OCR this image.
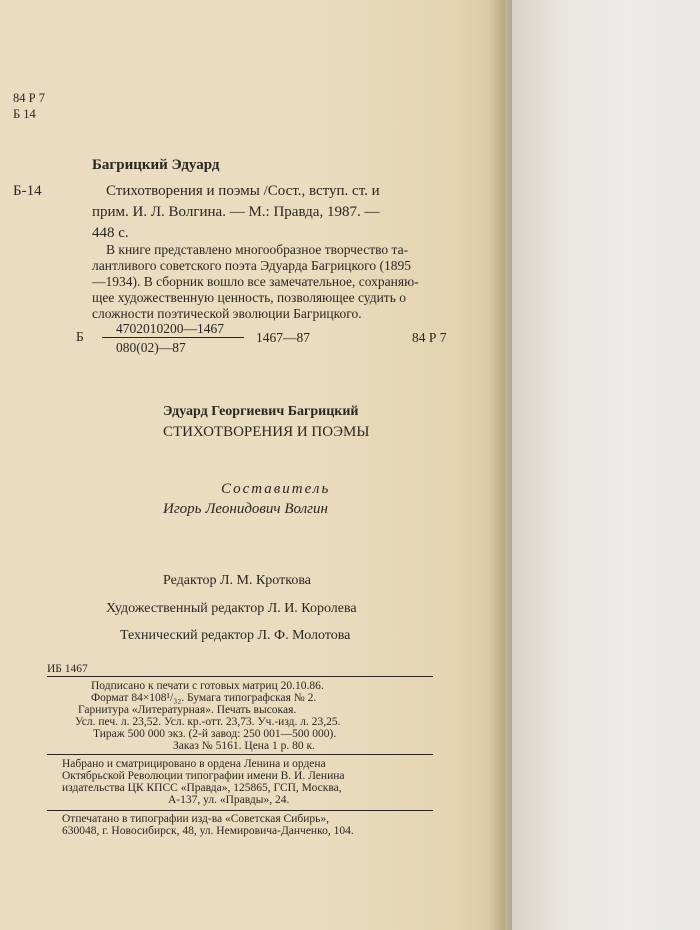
84 Р 7
Б 14
Багрицкий Эдуард
Б-14	Стихотворения и поэмы /Сост., вступ. ст. и
прим. И. Л. Волгина. — М.: Правда, 1987. —
448 с.
В книге представлено многообразное творчество та-
лантливого советского поэта Эдуарда Багрицкого (1895
—1934). В сборник вошло все замечательное, сохраняю-
щее художественную ценность, позволяющее судить о
сложности поэтической эволюции Багрицкого.
Б
4702010200—1467
080(02)—87
1467—87	84 Р 7
Эдуард Георгиевич Багрицкий
СТИХОТВОРЕНИЯ И ПОЭМЫ
Составитель
Игорь Леонидович Волгин
Редактор Л. М. Кроткова
Художественный редактор Л. И. Королева
Технический редактор Л. Ф. Молотова
ИБ 1467
Подписано к печати с готовых матриц 20.10.86.
Формат 84×108¹/₃₂. Бумага типографская № 2.
Гарнитура «Литературная». Печать высокая.
Усл. печ. л. 23,52. Усл. кр.-отт. 23,73. Уч.-изд. л. 23,25.
Тираж 500 000 экз. (2-й завод: 250 001—500 000).
Заказ № 5161. Цена 1 р. 80 к.
Набрано и сматрицировано в ордена Ленина и ордена
Октябрьской Революции типографии имени В. И. Ленина
издательства ЦК КПСС «Правда», 125865, ГСП, Москва,
А-137, ул. «Правды», 24.
Отпечатано в типографии изд-ва «Советская Сибирь»,
630048, г. Новосибирск, 48, ул. Немировича-Данченко, 104.
